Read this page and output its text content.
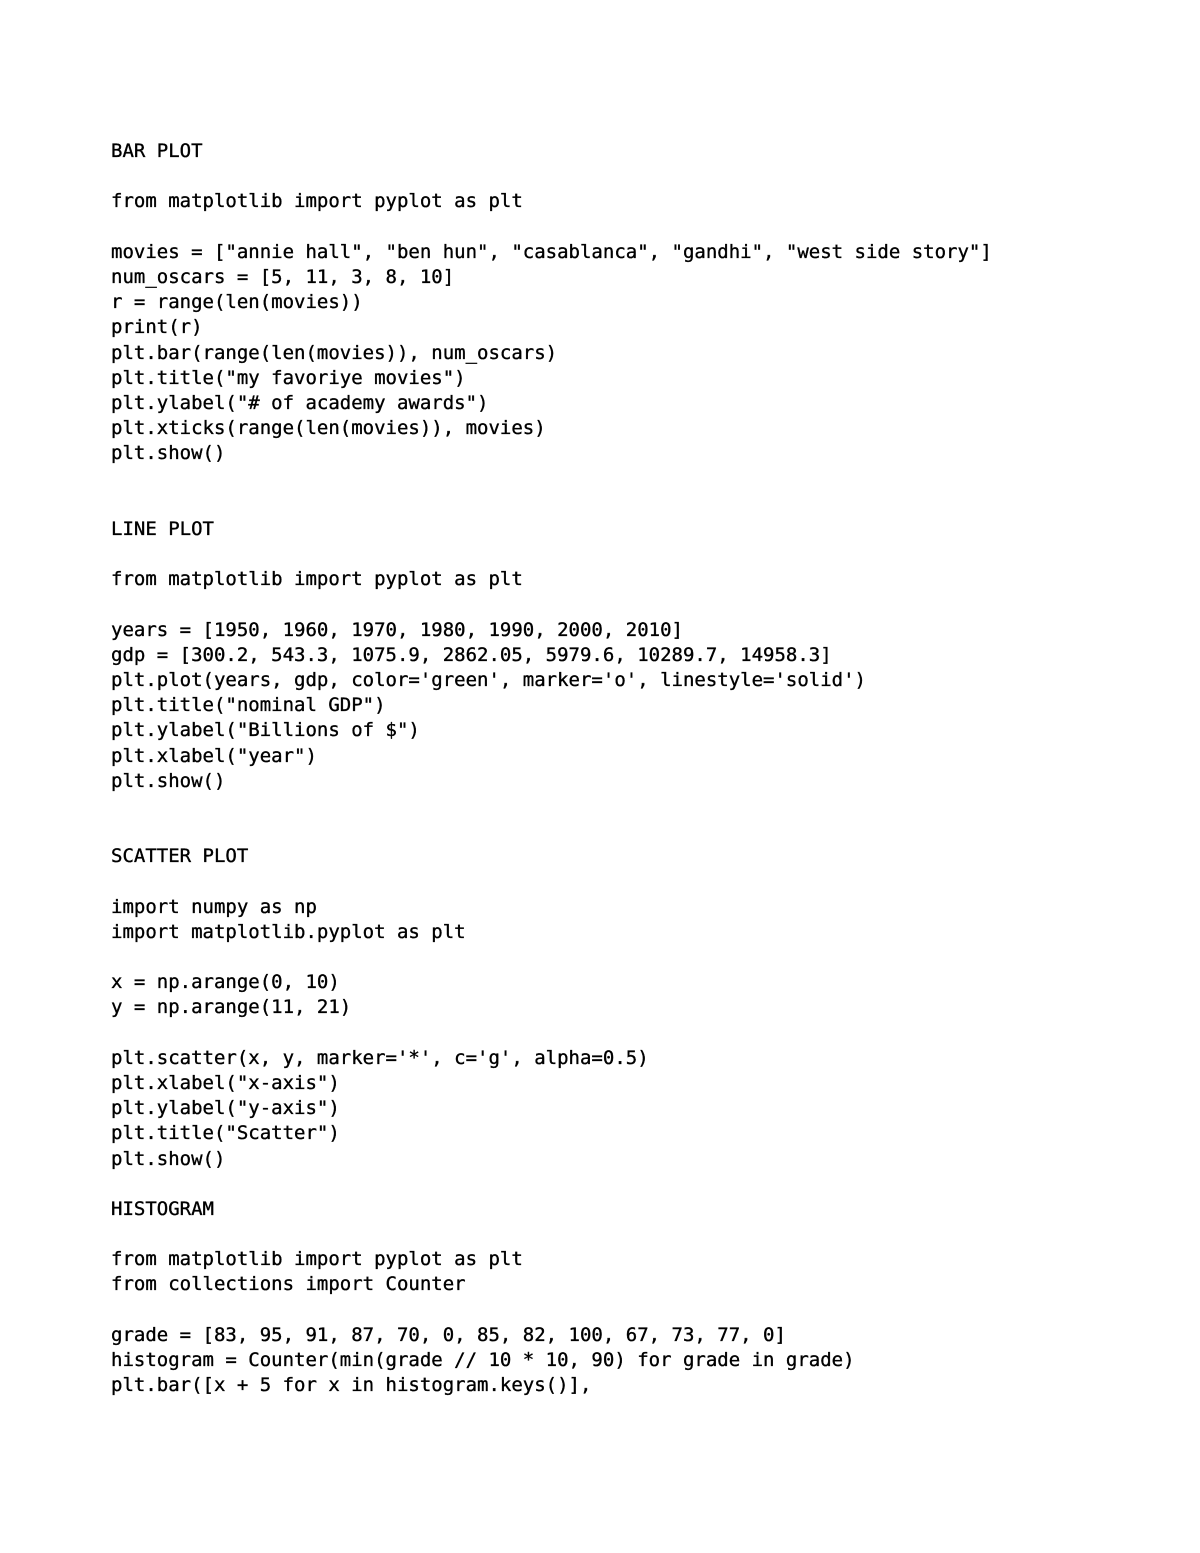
BAR PLOT
from matplotlib import pyplot as plt
movies = ["annie hall", "ben hun", "casablanca", "gandhi", "west side story"]
num_oscars = [5, 11, 3, 8, 10]
r = range(len(movies))
print(r)
plt.bar(range(len(movies)), num_oscars)
plt.title("my favoriye movies")
plt.ylabel("# of academy awards")
plt.xticks(range(len(movies)), movies)
plt.show()
LINE PLOT
from matplotlib import pyplot as plt
years = [1950, 1960, 1970, 1980, 1990, 2000, 2010]
gdp = [300.2, 543.3, 1075.9, 2862.05, 5979.6, 10289.7, 14958.3]
plt.plot(years, gdp, color='green', marker='o', linestyle='solid')
plt.title("nominal GDP")
plt.ylabel("Billions of $")
plt.xlabel("year")
plt.show()
SCATTER PLOT
import numpy as np
import matplotlib.pyplot as plt
x = np.arange(0, 10)
y = np.arange(11, 21)
plt.scatter(x, y, marker='*', c='g', alpha=0.5)
plt.xlabel("x-axis")
plt.ylabel("y-axis")
plt.title("Scatter")
plt.show()
HISTOGRAM
from matplotlib import pyplot as plt
from collections import Counter
grade = [83, 95, 91, 87, 70, 0, 85, 82, 100, 67, 73, 77, 0]
histogram = Counter(min(grade // 10 * 10, 90) for grade in grade)
plt.bar([x + 5 for x in histogram.keys()],
